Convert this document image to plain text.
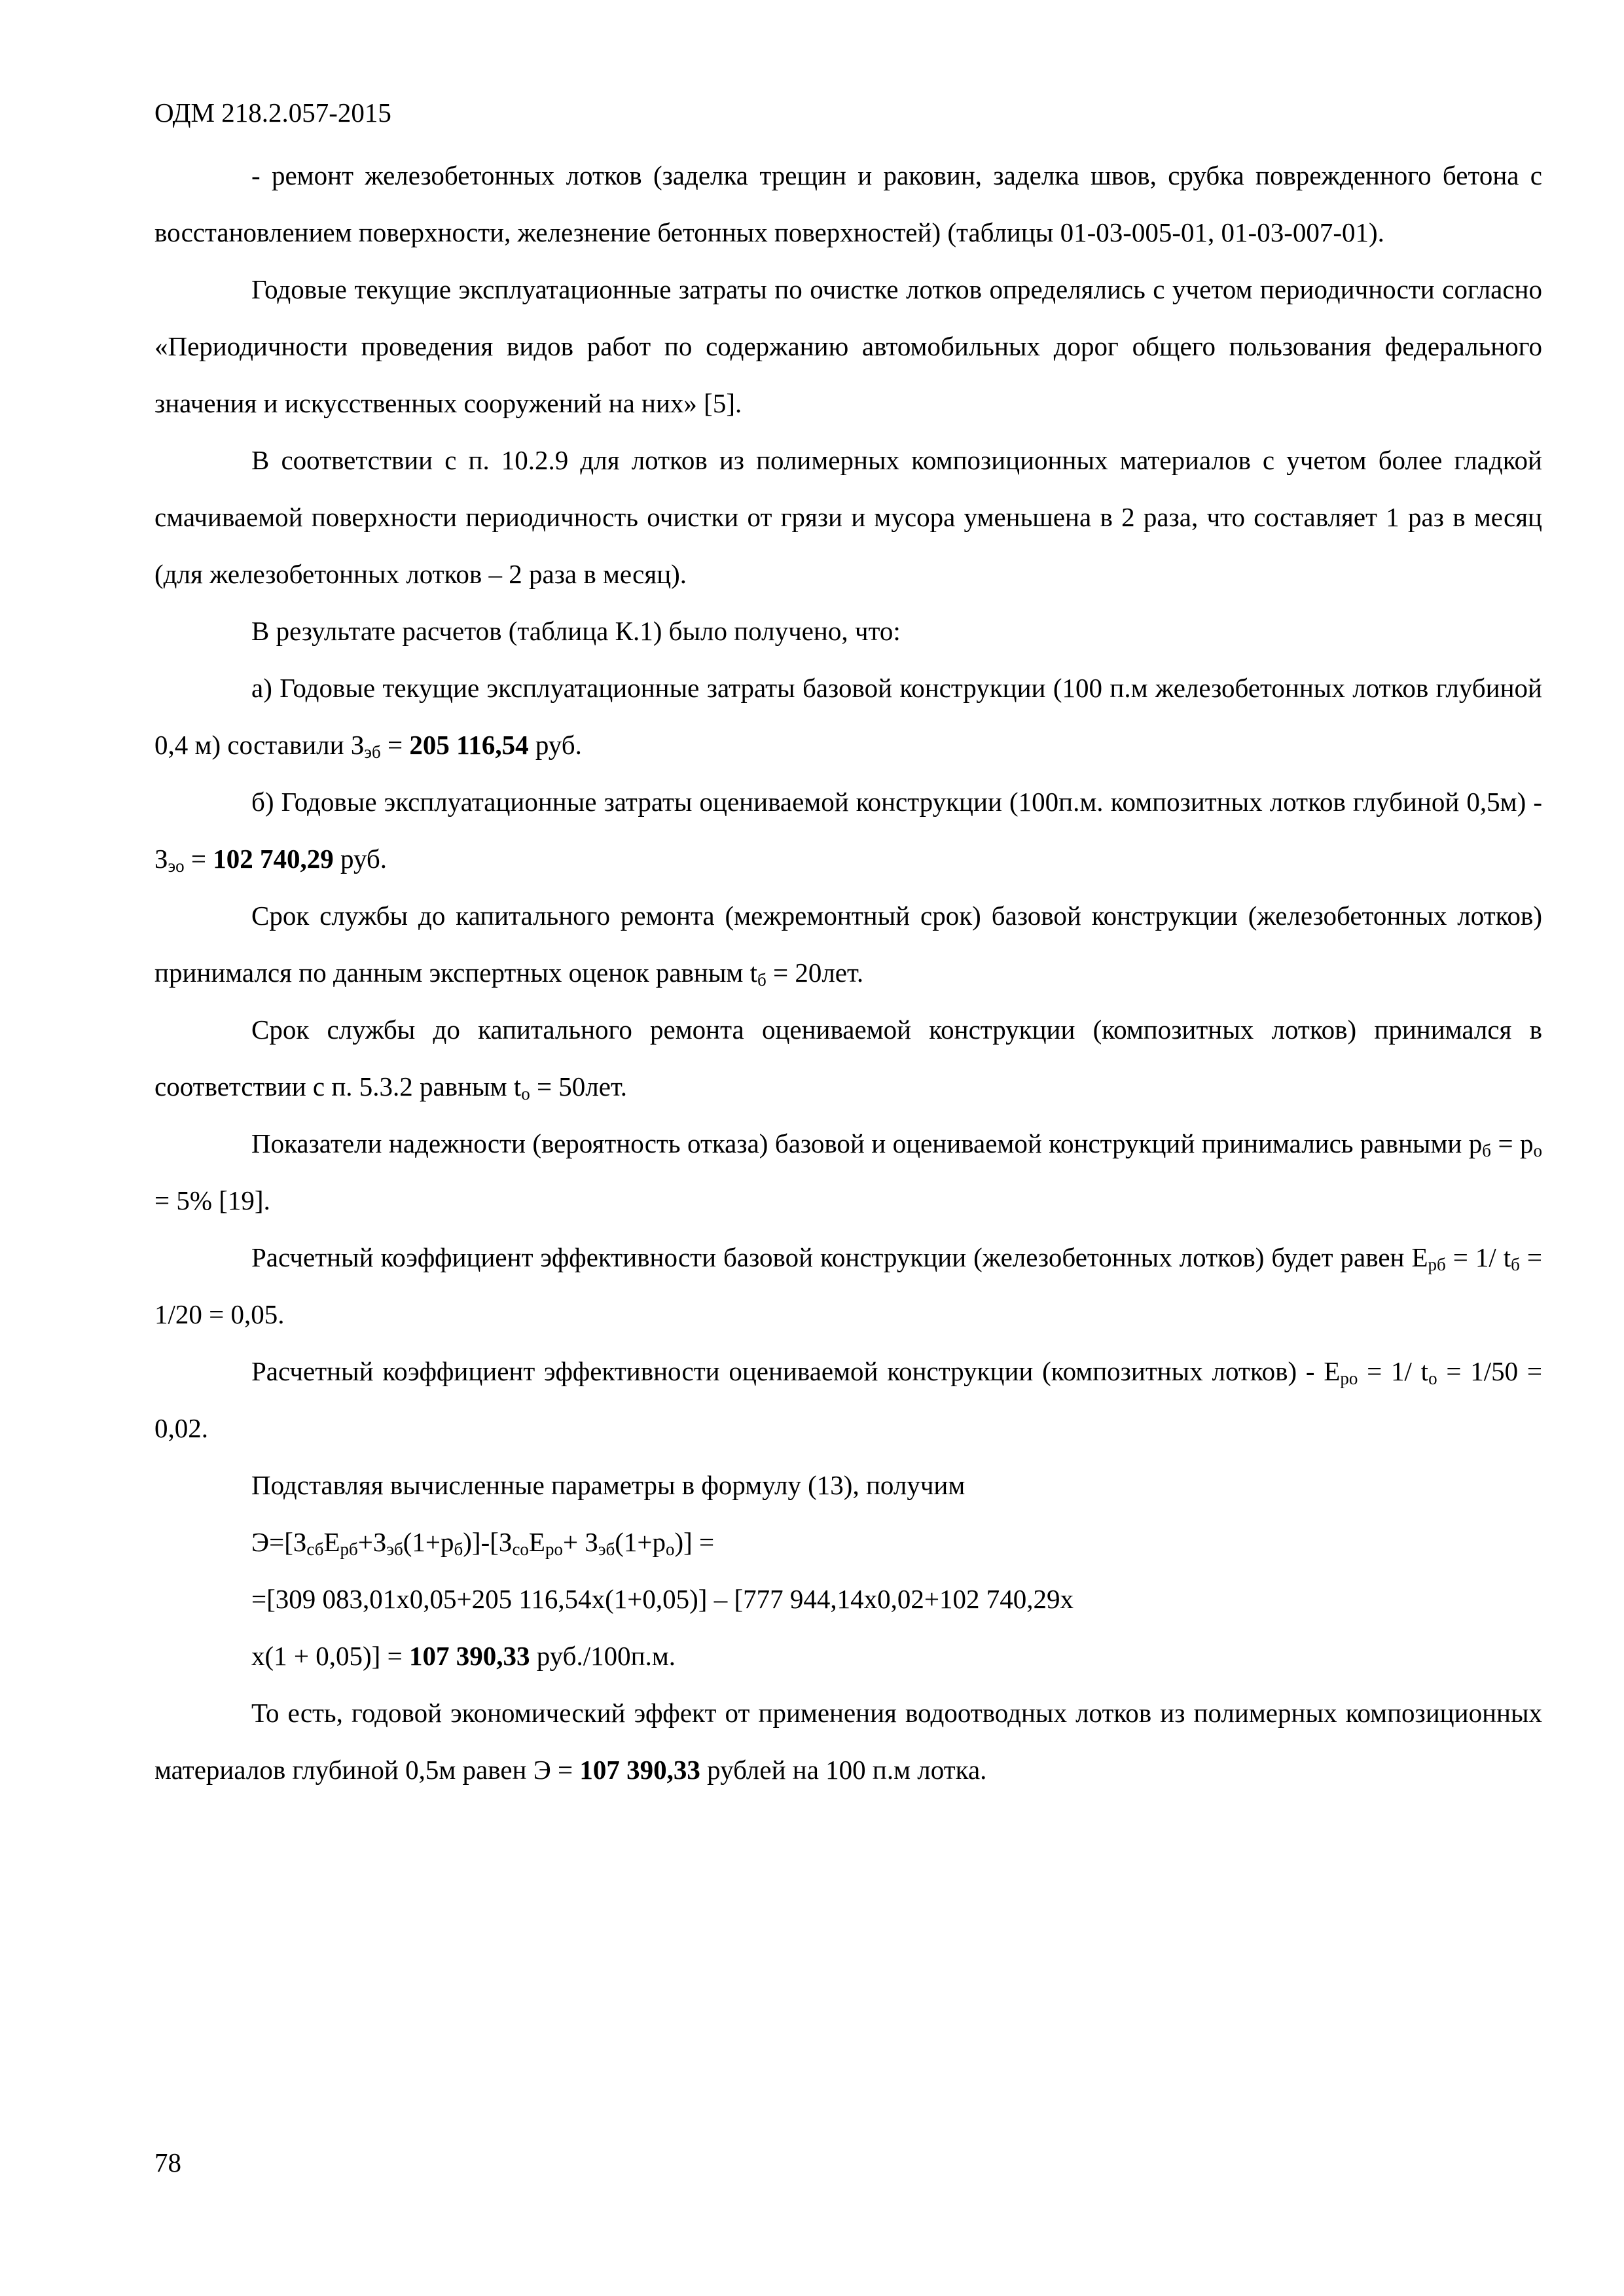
ОДМ 218.2.057-2015

- ремонт железобетонных лотков (заделка трещин и раковин, заделка швов, срубка поврежденного бетона с восстановлением поверхности, железнение бетонных поверхностей) (таблицы 01-03-005-01, 01-03-007-01).

Годовые текущие эксплуатационные затраты по очистке лотков определялись с учетом периодичности согласно «Периодичности проведения видов работ по содержанию автомобильных дорог общего пользования федерального значения и искусственных сооружений на них» [5].

В соответствии с п. 10.2.9 для лотков из полимерных композиционных материалов с учетом более гладкой смачиваемой поверхности периодичность очистки от грязи и мусора уменьшена в 2 раза, что составляет 1 раз в месяц (для железобетонных лотков – 2 раза в месяц).

В результате расчетов (таблица К.1) было получено, что:

а) Годовые текущие эксплуатационные затраты базовой конструкции (100 п.м железобетонных лотков глубиной 0,4 м) составили $З_{эб} = 205$ 116,54 руб.

б) Годовые эксплуатационные затраты оцениваемой конструкции (100п.м. композитных лотков глубиной $0,5м) - З_{эо} = 102$ 740,29 руб.

Срок службы до капитального ремонта (межремонтный срок) базовой конструкции (железобетонных лотков) принимался по данным экспертных оценок равным $t_б = 20лет$.

Срок службы до капитального ремонта оцениваемой конструкции (композитных лотков) принимался в соответствии с п. 5.3.2 равным $t_о = 50лет$.

Показатели надежности (вероятность отказа) базовой и оцениваемой конструкций принимались равными $p_б = p_о = 5\%$ [19].

Расчетный коэффициент эффективности базовой конструкции (железобетонных лотков) будет равен $Е_{рб} = 1/$ $t_б = 1/20 = 0,05$.

Расчетный коэффициент эффективности оцениваемой конструкции (композитных лотков) - $Е_{ро} = 1/$ $t_о = 1/50 = 0,02$.

Подставляя вычисленные параметры в формулу (13), получим

$Э=[З_{сб}Е_{рб}+З_{эб}(1+p_б)]-[З_{со}Е_{ро}+ З_{эб}(1+p_о)]$ =

=[309 083,01x0,05+205 116,54x(1+0,05)] – [777 944,14x0,02+102 740,29x

x(1 + 0,05)] = 107 390,33 руб./100п.м.

То есть, годовой экономический эффект от применения водоотводных лотков из полимерных композиционных материалов глубиной 0,5м равен Э = 107 390,33 рублей на 100 п.м лотка.

78
